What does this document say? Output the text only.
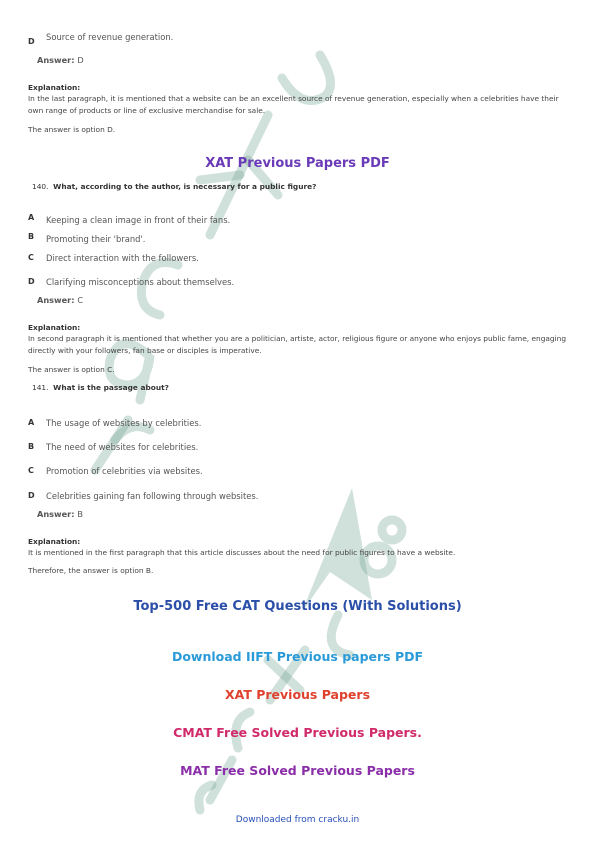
D Source of revenue generation.
Answer: D
Explanation:
In the last paragraph, it is mentioned that a website can be an excellent source of revenue generation, especially when a celebrities have their own range of products or line of exclusive merchandise for sale.
The answer is option D.
XAT Previous Papers PDF
140. What, according to the author, is necessary for a public figure?
A Keeping a clean image in front of their fans.
B Promoting their 'brand'.
C Direct interaction with the followers.
D Clarifying misconceptions about themselves.
Answer: C
Explanation:
In second paragraph it is mentioned that whether you are a politician, artiste, actor, religious figure or anyone who enjoys public fame, engaging directly with your followers, fan base or disciples is imperative.
The answer is option C.
141. What is the passage about?
A The usage of websites by celebrities.
B The need of websites for celebrities.
C Promotion of celebrities via websites.
D Celebrities gaining fan following through websites.
Answer: B
Explanation:
It is mentioned in the first paragraph that this article discusses about the need for public figures to have a website.
Therefore, the answer is option B.
Top-500 Free CAT Questions (With Solutions)
Download IIFT Previous papers PDF
XAT Previous Papers
CMAT Free Solved Previous Papers.
MAT Free Solved Previous Papers
Downloaded from cracku.in
